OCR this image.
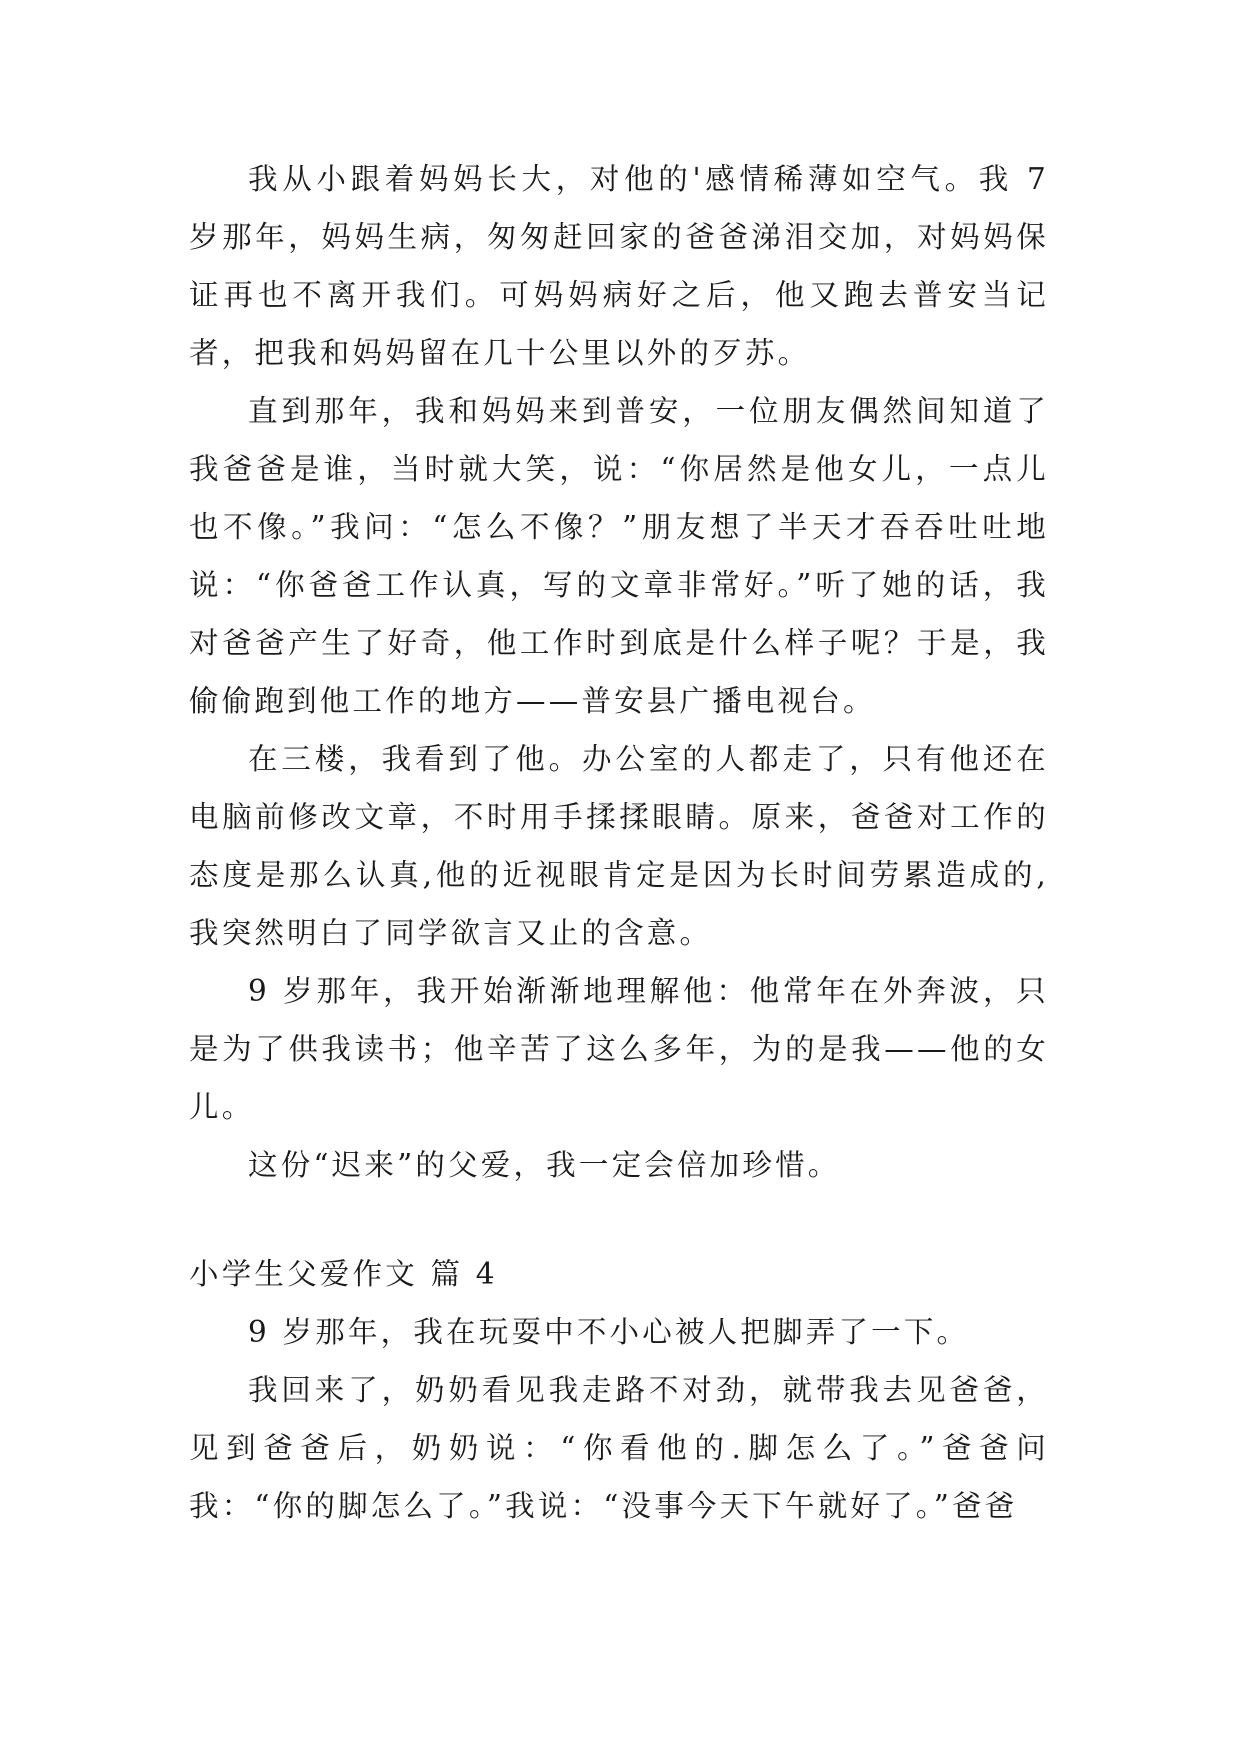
我从小跟着妈妈长大，对他的'感情稀薄如空气。我 7 岁那年，妈妈生病，匆匆赶回家的爸爸涕泪交加，对妈妈保证再也不离开我们。可妈妈病好之后，他又跑去普安当记者，把我和妈妈留在几十公里以外的歹苏。

直到那年，我和妈妈来到普安，一位朋友偶然间知道了我爸爸是谁，当时就大笑，说：“你居然是他女儿，一点儿也不像。”我问：“怎么不像？”朋友想了半天才吞吞吐吐地说：“你爸爸工作认真，写的文章非常好。”听了她的话，我对爸爸产生了好奇，他工作时到底是什么样子呢？于是，我偷偷跑到他工作的地方——普安县广播电视台。

在三楼，我看到了他。办公室的人都走了，只有他还在电脑前修改文章，不时用手揉揉眼睛。原来，爸爸对工作的态度是那么认真,他的近视眼肯定是因为长时间劳累造成的,我突然明白了同学欲言又止的含意。

9 岁那年，我开始渐渐地理解他：他常年在外奔波，只是为了供我读书；他辛苦了这么多年，为的是我——他的女儿。

这份“迟来”的父爱，我一定会倍加珍惜。

小学生父爱作文 篇 4

9 岁那年，我在玩耍中不小心被人把脚弄了一下。

我回来了，奶奶看见我走路不对劲，就带我去见爸爸，见到爸爸后，奶奶说：“你看他的.脚怎么了。”爸爸问我：“你的脚怎么了。”我说：“没事今天下午就好了。”爸爸
